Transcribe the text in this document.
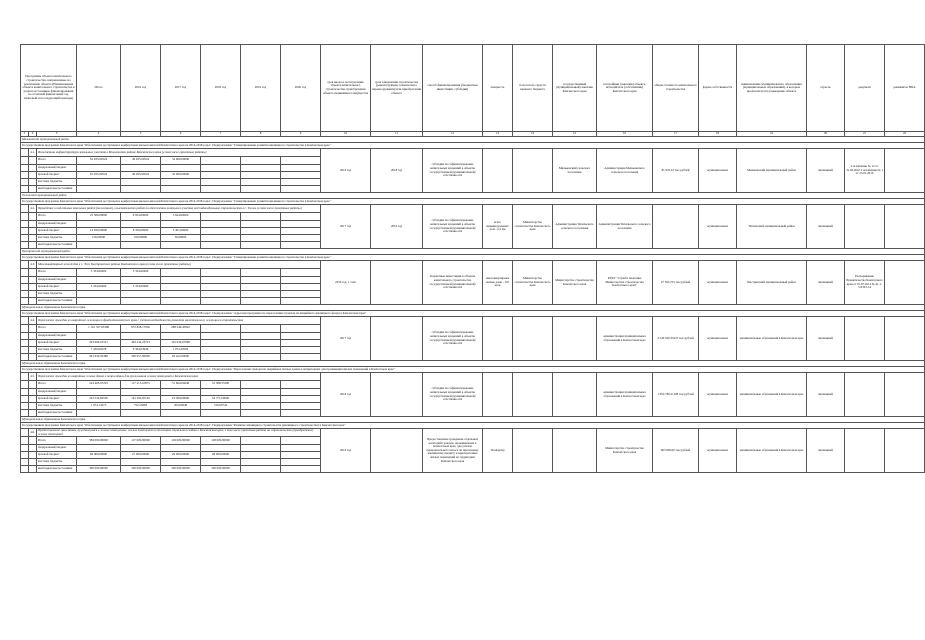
Программы объекта капитального строительства, направленные на реализацию объекта (Наименование объекта капитального строительства в разрезе источников финансирования на отчетный финансовый год, плановый и последующий периоды)			Итого	2016 год	2017 год	2018 год	2019 год	2020 год	срок ввода в эксплуатацию объекта капитального строительства, приобретения объекта недвижимого имущества	срок завершения строительства (реконструкции, технического перевооружения) или приобретения объекта	способ финансирования (бюджетные инвестиции, субсидии)	мощность	получатель средств краевого бюджета	государственный (муниципальный) заказчик Камчатского края	застройщик (заказчик) объекта, исполнитель (собственник) Камчатского края	общая стоимость капитального строительства	форма собственности	наименование муниципального образования (муниципальных образований), в которых предполагается размещение объекта	отрасль	документ	реквизиты НПА
1	2	3	4	5	6	7	8	9	10	11	12	13	14	15	16	17	18	19	20	21	22
Мильковский муниципальный район																					
Государственная программа Камчатского края "Обеспечение доступным и комфортным жильем жителей Камчатского края на 2014-2018 годы". Подпрограмма "Стимулирование развития жилищного строительства в Камчатском крае"																					
	4.1.	Инженерная инфраструктура земельных участков в Мильковском районе Камчатского края (в том числе проектные работы)							2016 год	2018 год	субсидии на софинансирование капитальных вложений в объекты государственной (муниципальной) собственности			Мильковский сельского поселения	Администрация Мильковского сельского поселения	81 935,91 тыс.рублей	муниципальная	Мильковский муниципальный район	жилищный	Соглашение № 12 от 31.03.2016 Соглашение № 1 от 25.01.2016	
		Итого	81 935,90524	49 935,90524	32 000,00000																
		федеральный бюджет																			
		краевой бюджет	81 935,90524	49 935,90524	32 000,00000																
		местные бюджеты																			
		внебюджетные источники																			
Тигильский муниципальный район																					
Государственная программа Камчатского края "Обеспечение доступным и комфортным жильем жителей Камчатского края на 2014-2018 годы". Подпрограмма "Стимулирование развития жилищного строительства в Камчатском крае"																					
	4.2.	Проведение и подготовка земельных работ (межевание), изыскательских работ по обеспечению земельного участка под индивидуальное строительство в с. Тигиль (в том числе проектные работы)							2017 год	2016 год	субсидии на софинансирование капитальных вложений в объекты государственной (муниципальной) собственности	всего индивидуальных дом - 2,5 км	Министерство строительства Камчатского края	Администрация Тигильского сельского поселения	Администрация Тигильского сельского поселения		муниципальная	Тигильский муниципальный район	жилищный		
		Итого	25 380,00000	9 954,00000	5 624,00000																
		федеральный бюджет																			
		краевой бюджет	14 830,00000	8 339,00000	5 491,00000																
		местные бюджеты	156,00000	100,00000	56,00000																
		внебюджетные источники																			
Быстринский муниципальный район																					
Государственная программа Камчатского края "Обеспечение доступным и комфортным жильем жителей Камчатского края на 2014-2018 годы". Подпрограмма "Стимулирование развития жилищного строительства в Камчатском крае"																					
	4.3.	Многоквартирный жилой дом в с. Эссо Быстринского района Камчатского края (в том числе проектные работы)							2016 год, 1 этап		бюджетные инвестиции в объекты капитального строительства государственной (муниципальной) собственности	многоквартирные жилые дома - 110 кв.м	Министерство строительства Камчатского края	Министерство строительства Камчатского края	КГКУ "Служба заказчика Министерства строительства Камчатского края"	27 363,755 тыс.рублей	муниципальная	Быстринский муниципальный район	жилищный	Распоряжение Правительства Камчатского края от 01.07.2014 № 41-1-5-0323-14	
		Итого	5 334,60400	5 334,60400																	
		федеральный бюджет																			
		краевой бюджет	5 334,60400	5 334,60400																	
		местные бюджеты																			
		внебюджетные источники																			
Муниципальные образования Камчатского края																					
Государственная программа Камчатского края "Обеспечение доступным и комфортным жильем жителей Камчатского края на 2014-2018 годы". Подпрограмма "Адресная программа по переселению граждан из аварийного жилищного фонда в Камчатском крае"																					
	4.4.	Переселение граждан из аварийного жилищного фонда Камчатского края с учетом необходимости развития малоэтажного жилищного строительства							2017 год		субсидии на софинансирование капитальных вложений в объекты государственной (муниципальной) собственности				администрации муниципальных образований в Камчатском крае	2 540 520,35437 тыс.рублей	муниципальная	муниципальные образования в Камчатском крае	жилищный		
		Итого	1 161 327,65398	872 828,17936	288 249,45822																
		федеральный бюджет																			
		краевой бюджет	293 960,91521	463 234,23723	125 930,67098																
		местные бюджеты	7 436,06228	6 364,03946	1 074,28192																
		внебюджетные источники	961 930,93489	500 957,00000	62 422,00000																
Муниципальные образования Камчатского края																					
Государственная программа Камчатского края "Обеспечение доступным и комфортным жильем жителей Камчатского края на 2014-2018 годы". Подпрограмма "Переселение граждан из аварийных жилых домов и непригодных для проживания жилых помещений в Камчатском крае"																					
	4.5.	Переселение граждан из аварийных жилых домов и непригодных для проживания жилых помещений в Камчатском крае							2018 год		субсидии на софинансирование капитальных вложений в объекты государственной (муниципальной) собственности				администрации муниципальных образований в Камчатском крае	1 954 760,21108 тыс.рублей	муниципальная	муниципальные образования в Камчатском крае	жилищный		
		Итого	224 465,97203	117 215,10875	51 664,04648	55 588,33300															
		федеральный бюджет																			
		краевой бюджет	222 534,82556	161 362,87192	19 300,00000	54 771,00000															
		местные бюджеты	1 974,14373	752,23683	204,04648	516,00744															
		внебюджетные источники																			
Муниципальные образования Камчатского края																					
Государственная программа Камчатского края "Обеспечение доступным и комфортным жильем жителей Камчатского края на 2014-2018 годы". Подпрограмма "Развитие жилищного строительства (жилищного строительства) в Камчатском крае"																					
	4.6.	Предоставление гражданам, нуждающимся в жилых помещениях, жилых помещений по договорам социального найма в Камчатском крае, в том числе проектная работа на строительство (приобретение) жилых помещений							2016 год		Предоставление гражданам отдельных категорий граждан, проживающих в Камчатском крае, для уплаты первоначального взноса по ипотечному жилищному кредиту и приобретению жилых помещений на территории Камчатского края	36 квартир			Министерство строительства Камчатского края	663 000,00 тыс.рублей	муниципальная	муниципальные образования в Камчатском крае	жилищный		
		Итого	384 000,00000	127 000,00000	129 000,00000	128 000,00000															
		федеральный бюджет																			
		краевой бюджет	84 000,00000	27 000,00000	29 000,00000	28 000,00000															
		местные бюджеты																			
		внебюджетные источники	300 000,00000	100 000,00000	100 000,00000	100 000,00000															
